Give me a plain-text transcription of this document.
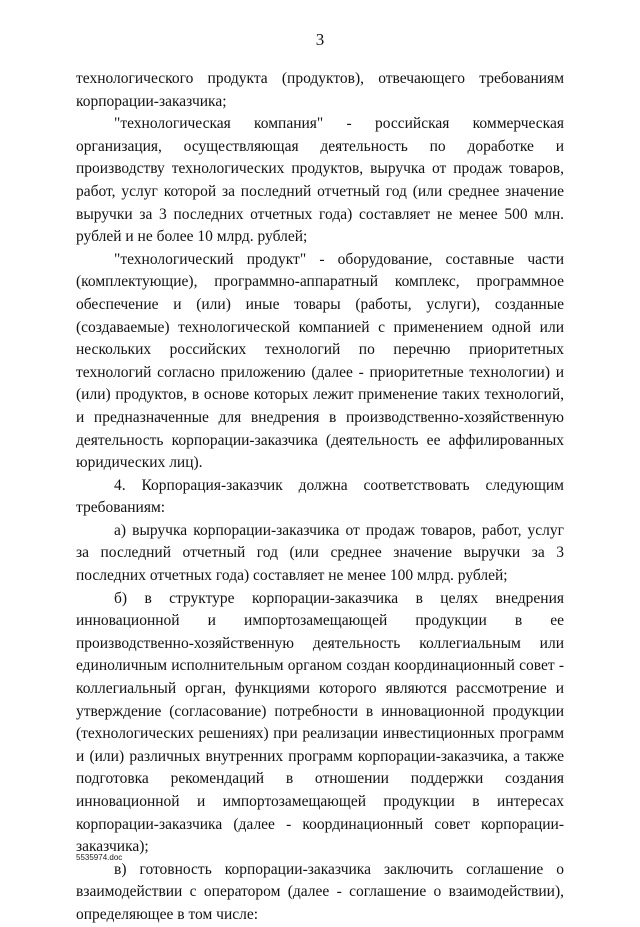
3

технологического продукта (продуктов), отвечающего требованиям корпорации-заказчика;

"технологическая компания" - российская коммерческая организация, осуществляющая деятельность по доработке и производству технологических продуктов, выручка от продаж товаров, работ, услуг которой за последний отчетный год (или среднее значение выручки за 3 последних отчетных года) составляет не менее 500 млн. рублей и не более 10 млрд. рублей;

"технологический продукт" - оборудование, составные части (комплектующие), программно-аппаратный комплекс, программное обеспечение и (или) иные товары (работы, услуги), созданные (создаваемые) технологической компанией с применением одной или нескольких российских технологий по перечню приоритетных технологий согласно приложению (далее - приоритетные технологии) и (или) продуктов, в основе которых лежит применение таких технологий, и предназначенные для внедрения в производственно-хозяйственную деятельность корпорации-заказчика (деятельность ее аффилированных юридических лиц).

4. Корпорация-заказчик должна соответствовать следующим требованиям:

а) выручка корпорации-заказчика от продаж товаров, работ, услуг за последний отчетный год (или среднее значение выручки за 3 последних отчетных года) составляет не менее 100 млрд. рублей;

б) в структуре корпорации-заказчика в целях внедрения инновационной и импортозамещающей продукции в ее производственно-хозяйственную деятельность коллегиальным или единоличным исполнительным органом создан координационный совет - коллегиальный орган, функциями которого являются рассмотрение и утверждение (согласование) потребности в инновационной продукции (технологических решениях) при реализации инвестиционных программ и (или) различных внутренних программ корпорации-заказчика, а также подготовка рекомендаций в отношении поддержки создания инновационной и импортозамещающей продукции в интересах корпорации-заказчика (далее - координационный совет корпорации-заказчика);

в) готовность корпорации-заказчика заключить соглашение о взаимодействии с оператором (далее - соглашение о взаимодействии), определяющее в том числе:

5535974.doc
